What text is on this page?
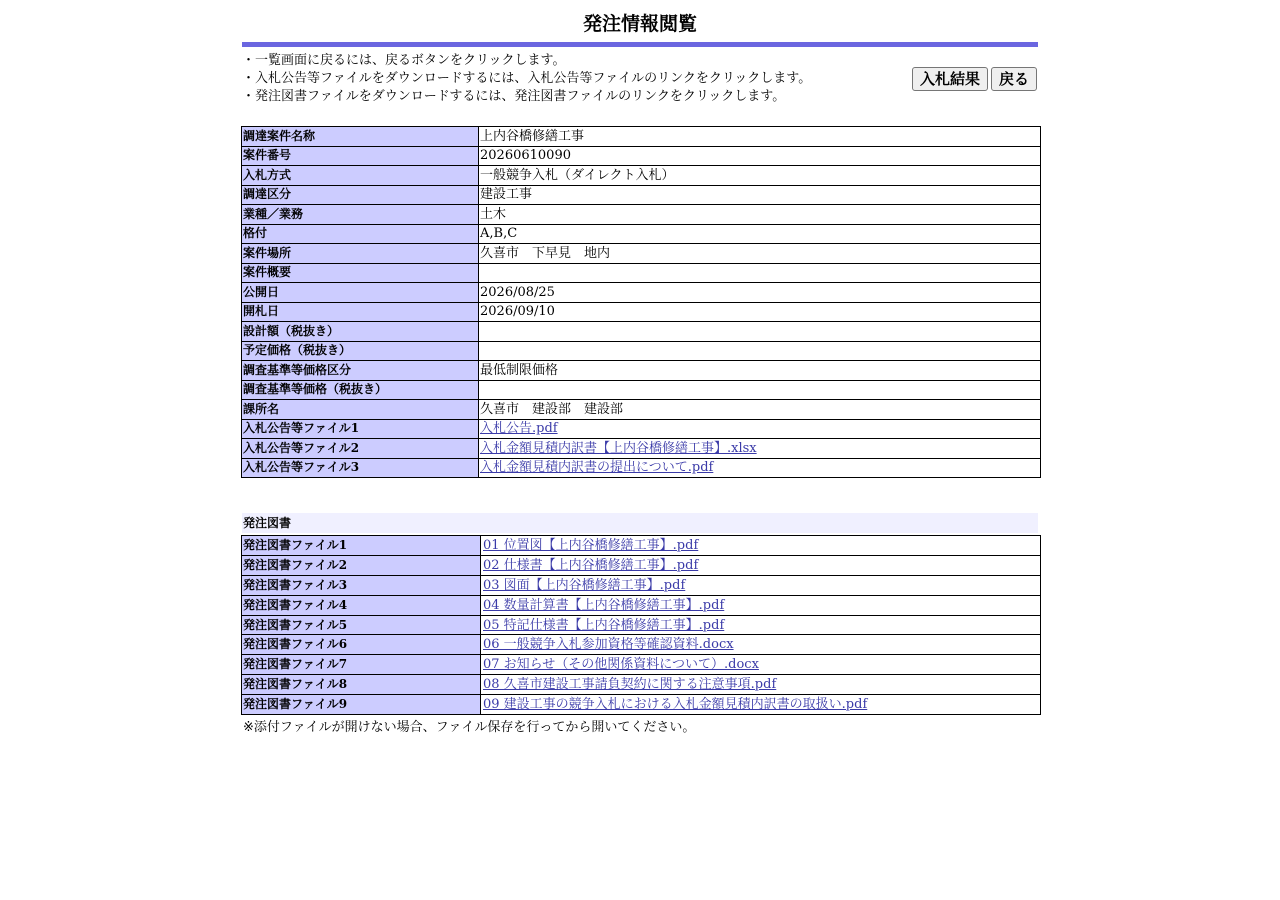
発注情報閲覧
・一覧画面に戻るには、戻るボタンをクリックします。
・入札公告等ファイルをダウンロードするには、入札公告等ファイルのリンクをクリックします。
・発注図書ファイルをダウンロードするには、発注図書ファイルのリンクをクリックします。
入札結果	戻る
調達案件名称	上内谷橋修繕工事
案件番号	20260610090
入札方式	一般競争入札（ダイレクト入札）
調達区分	建設工事
業種／業務	土木
格付	A,B,C
案件場所	久喜市　下早見　地内
案件概要	
公開日	2026/08/25
開札日	2026/09/10
設計額（税抜き）	
予定価格（税抜き）	
調査基準等価格区分	最低制限価格
調査基準等価格（税抜き）	
課所名	久喜市　建設部　建設部
入札公告等ファイル1	入札公告.pdf
入札公告等ファイル2	入札金額見積内訳書【上内谷橋修繕工事】.xlsx
入札公告等ファイル3	入札金額見積内訳書の提出について.pdf
発注図書
発注図書ファイル1	01 位置図【上内谷橋修繕工事】.pdf
発注図書ファイル2	02 仕様書【上内谷橋修繕工事】.pdf
発注図書ファイル3	03 図面【上内谷橋修繕工事】.pdf
発注図書ファイル4	04 数量計算書【上内谷橋修繕工事】.pdf
発注図書ファイル5	05 特記仕様書【上内谷橋修繕工事】.pdf
発注図書ファイル6	06 一般競争入札参加資格等確認資料.docx
発注図書ファイル7	07 お知らせ（その他関係資料について）.docx
発注図書ファイル8	08 久喜市建設工事請負契約に関する注意事項.pdf
発注図書ファイル9	09 建設工事の競争入札における入札金額見積内訳書の取扱い.pdf
※添付ファイルが開けない場合、ファイル保存を行ってから開いてください。
